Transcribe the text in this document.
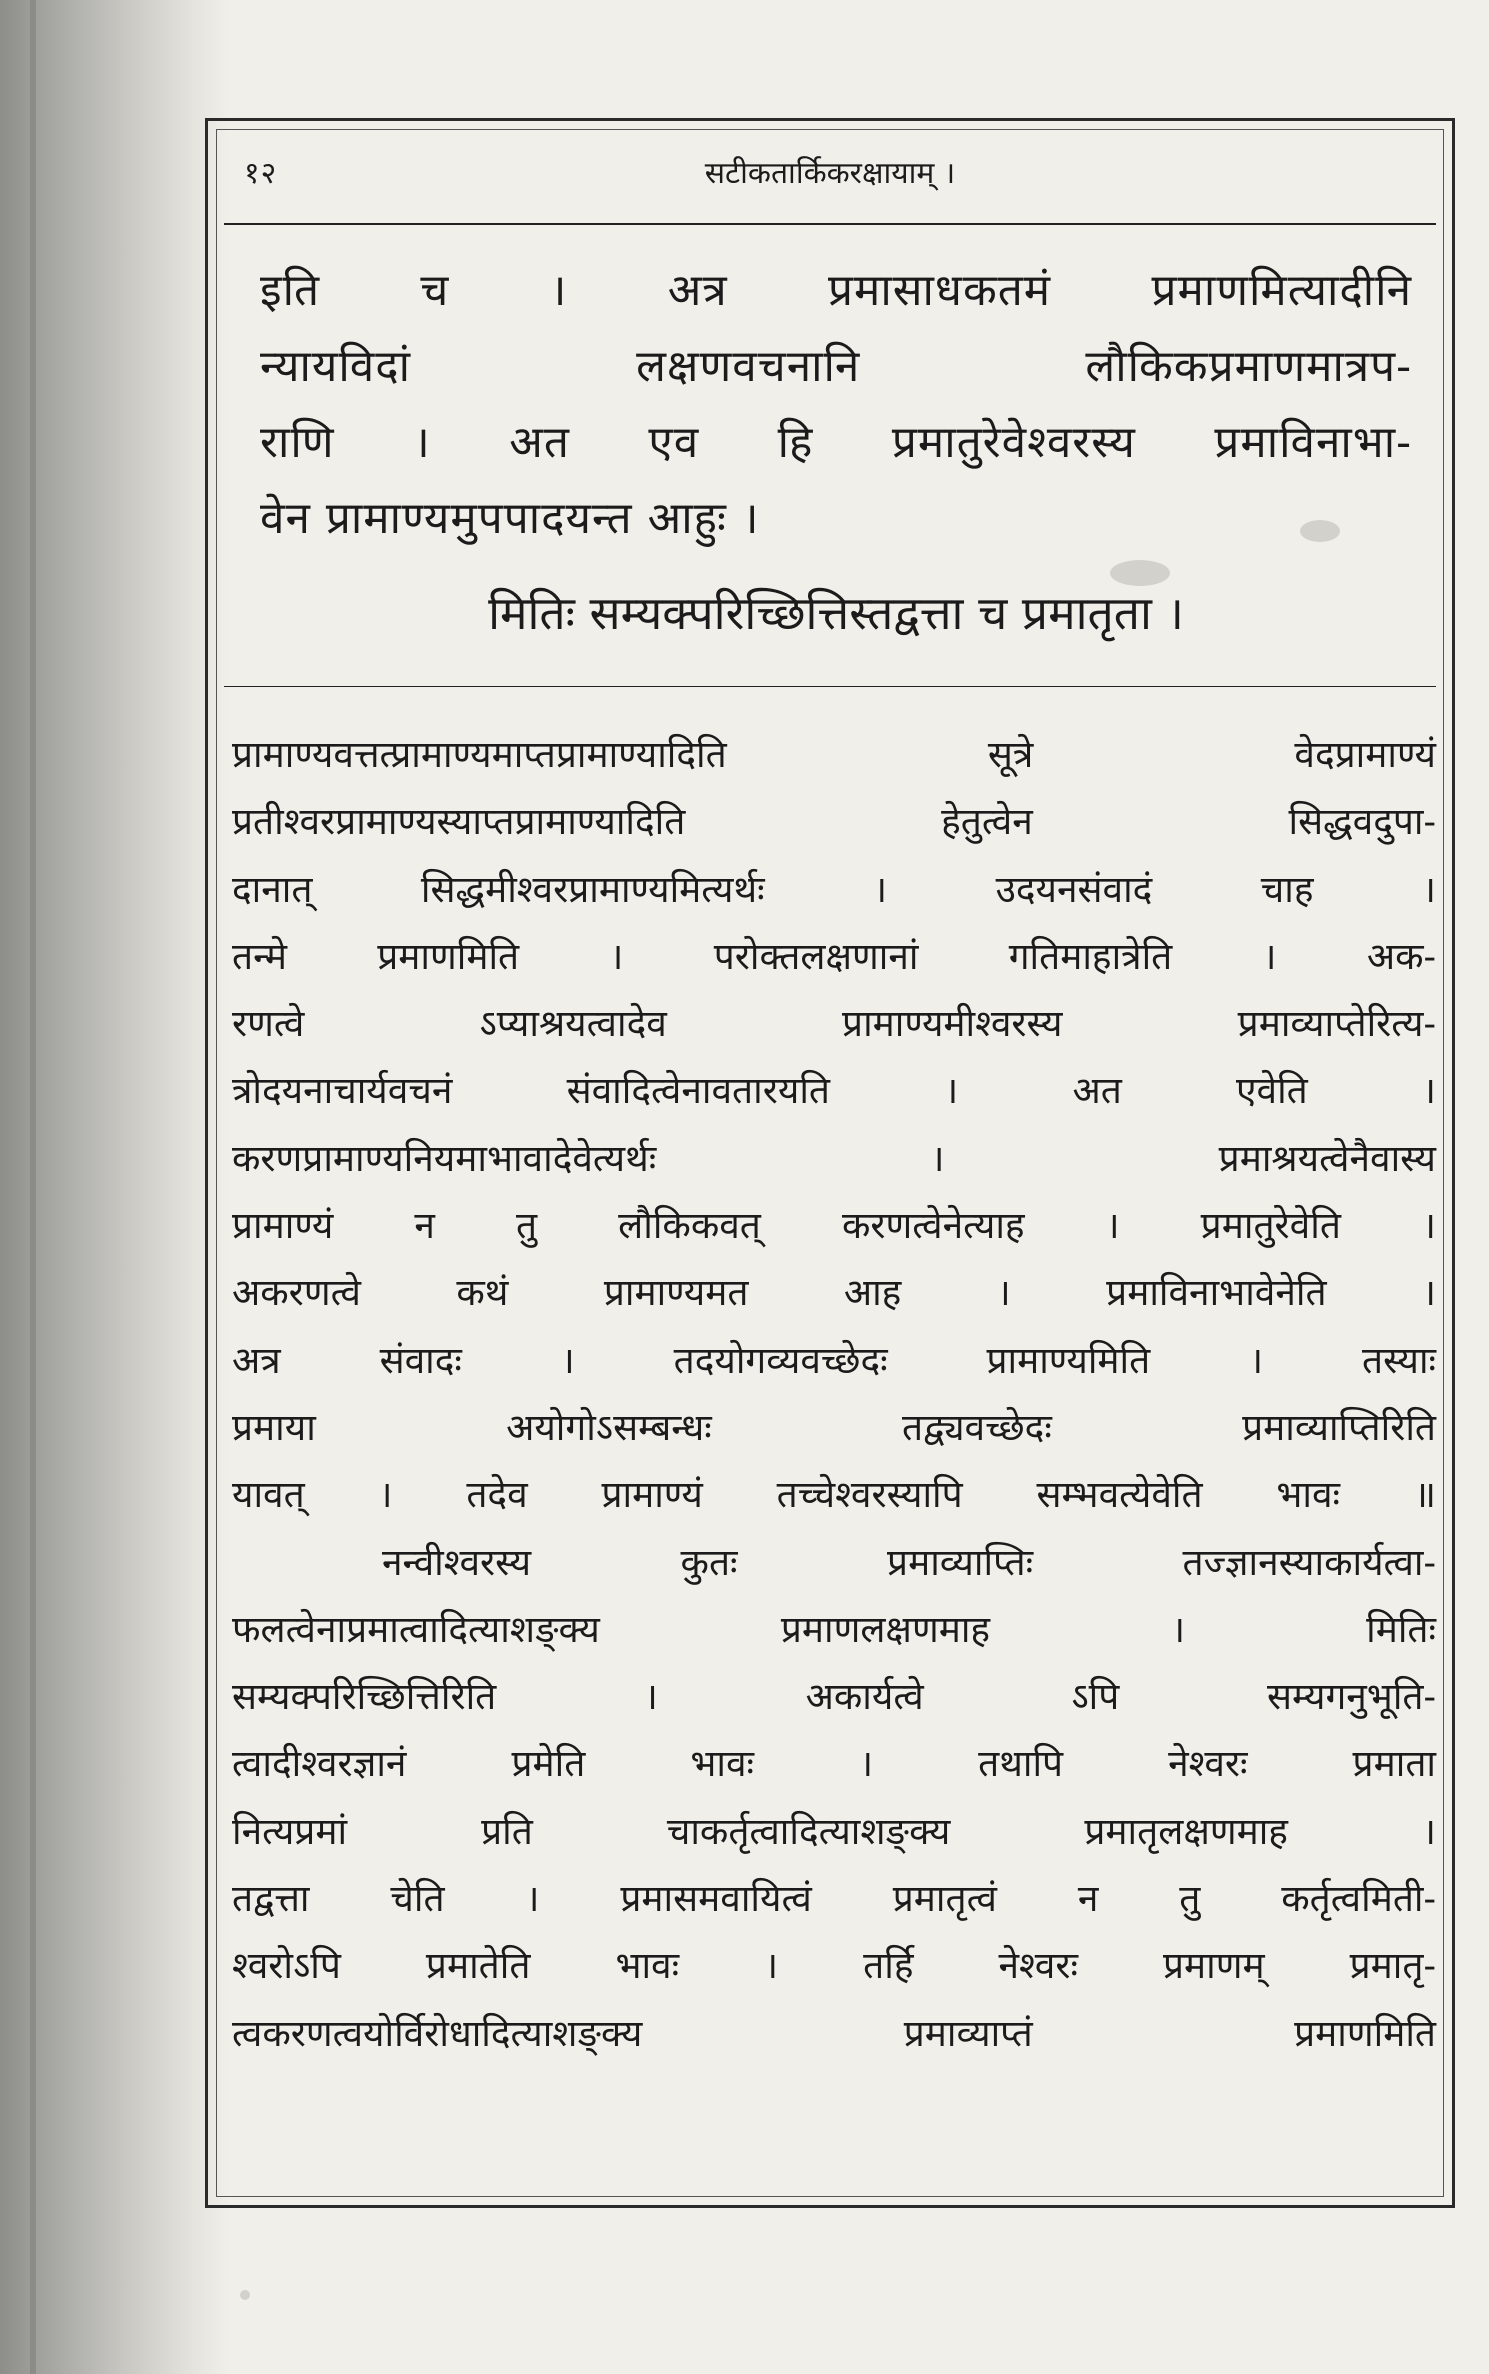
१२	सटीकतार्किकरक्षायाम् ।
इति च । अत्र प्रमासाधकतमं प्रमाणमित्यादीनि
न्यायविदां लक्षणवचनानि लौकिकप्रमाणमात्रप-
राणि । अत एव हि प्रमातुरेवेश्वरस्य प्रमाविनाभा-
वेन प्रामाण्यमुपपादयन्त आहुः ।
मितिः सम्यक्परिच्छित्तिस्तद्वत्ता च प्रमातृता ।
प्रामाण्यवत्तत्प्रामाण्यमाप्तप्रामाण्यादिति सूत्रे वेदप्रामाण्यं
प्रतीश्वरप्रामाण्यस्याप्तप्रामाण्यादिति हेतुत्वेन सिद्धवदुपा-
दानात् सिद्धमीश्वरप्रामाण्यमित्यर्थः । उदयनसंवादं चाह ।
तन्मे प्रमाणमिति । परोक्तलक्षणानां गतिमाहात्रेति । अक-
रणत्वे ऽप्याश्रयत्वादेव प्रामाण्यमीश्वरस्य प्रमाव्याप्तेरित्य-
त्रोदयनाचार्यवचनं संवादित्वेनावतारयति । अत एवेति ।
करणप्रामाण्यनियमाभावादेवेत्यर्थः । प्रमाश्रयत्वेनैवास्य
प्रामाण्यं न तु लौकिकवत् करणत्वेनेत्याह । प्रमातुरेवेति ।
अकरणत्वे कथं प्रामाण्यमत आह । प्रमाविनाभावेनेति ।
अत्र संवादः । तदयोगव्यवच्छेदः प्रामाण्यमिति । तस्याः
प्रमाया अयोगोऽसम्बन्धः तद्व्यवच्छेदः प्रमाव्याप्तिरिति
यावत् । तदेव प्रामाण्यं तच्चेश्वरस्यापि सम्भवत्येवेति भावः ॥
नन्वीश्वरस्य कुतः प्रमाव्याप्तिः तज्ज्ञानस्याकार्यत्वा-
फलत्वेनाप्रमात्वादित्याशङ्क्य प्रमाणलक्षणमाह । मितिः
सम्यक्परिच्छित्तिरिति । अकार्यत्वे ऽपि सम्यगनुभूति-
त्वादीश्वरज्ञानं प्रमेति भावः । तथापि नेश्वरः प्रमाता
नित्यप्रमां प्रति चाकर्तृत्वादित्याशङ्क्य प्रमातृलक्षणमाह ।
तद्वत्ता चेति । प्रमासमवायित्वं प्रमातृत्वं न तु कर्तृत्वमिती-
श्वरोऽपि प्रमातेति भावः । तर्हि नेश्वरः प्रमाणम् प्रमातृ-
त्वकरणत्वयोर्विरोधादित्याशङ्क्य प्रमाव्याप्तं प्रमाणमिति
